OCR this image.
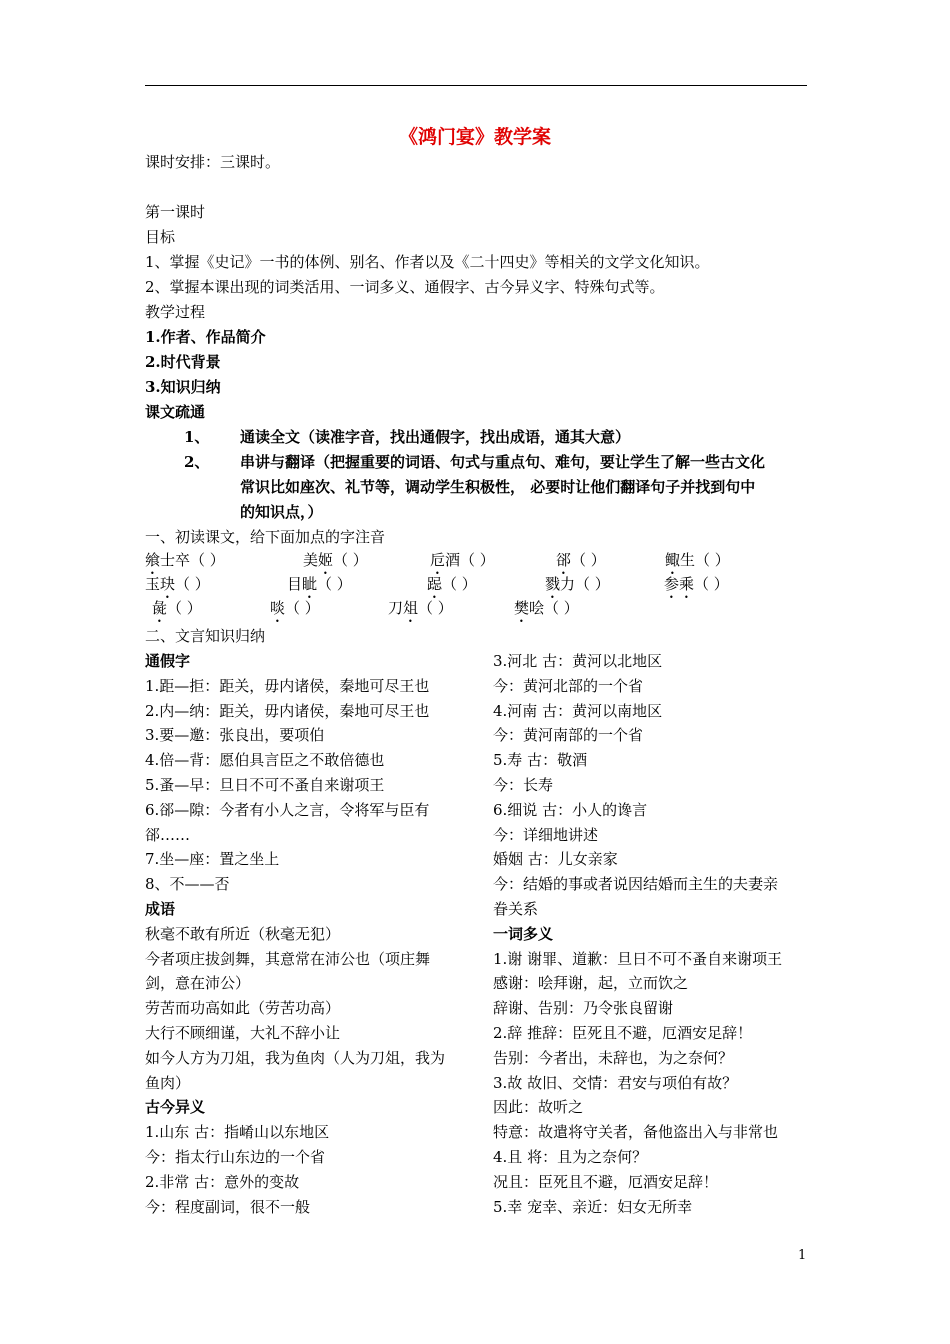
《鸿门宴》教学案
课时安排：三课时。
第一课时
目标
1、掌握《史记》一书的体例、别名、作者以及《二十四史》等相关的文学文化知识。
2、掌握本课出现的词类活用、一词多义、通假字、古今异义字、特殊句式等。
教学过程
1.作者、作品简介
2.时代背景
3.知识归纳
课文疏通
1、 通读全文（读准字音，找出通假字，找出成语，通其大意）
2、 串讲与翻译（把握重要的词语、句式与重点句、难句，要让学生了解一些古文化
常识比如座次、礼节等，调动学生积极性， 必要时让他们翻译句子并找到句中
的知识点，）
一、初读课文，给下面加点的字注音
飨士卒（ ）	美姬（ ）	卮酒（ ）	郤（ ）	鲰生（ ）
玉玦（ ）	目眦（ ）	跽（ ）	戮力（ ）	参乘（ ）
彘（ ）	啖（ ）	刀俎（ ）	樊哙（ ）
二、文言知识归纳
通假字
1.距—拒：距关，毋内诸侯，秦地可尽王也
2.内—纳：距关，毋内诸侯，秦地可尽王也
3.要—邀：张良出，要项伯
4.倍—背：愿伯具言臣之不敢倍德也
5.蚤—早：旦日不可不蚤自来谢项王
6.郤—隙：今者有小人之言，令将军与臣有
郤……
7.坐—座：置之坐上
8、不——否
成语
秋毫不敢有所近（秋毫无犯）
今者项庄拔剑舞，其意常在沛公也（项庄舞
剑，意在沛公）
劳苦而功高如此（劳苦功高）
大行不顾细谨，大礼不辞小让
如今人方为刀俎，我为鱼肉（人为刀俎，我为
鱼肉）
古今异义
1.山东 古：指崤山以东地区
今：指太行山东边的一个省
2.非常 古：意外的变故
今：程度副词，很不一般
3.河北 古：黄河以北地区
今：黄河北部的一个省
4.河南 古：黄河以南地区
今：黄河南部的一个省
5.寿 古：敬酒
今：长寿
6.细说 古：小人的谗言
今：详细地讲述
婚姻 古：儿女亲家
今：结婚的事或者说因结婚而主生的夫妻亲
眷关系
一词多义
1.谢 谢罪、道歉：旦日不可不蚤自来谢项王
感谢：哙拜谢，起，立而饮之
辞谢、告别：乃令张良留谢
2.辞 推辞：臣死且不避，厄酒安足辞！
告别：今者出，未辞也，为之奈何？
3.故 故旧、交情：君安与项伯有故？
因此：故听之
特意：故遣将守关者，备他盗出入与非常也
4.且 将：且为之奈何？
况且：臣死且不避，厄酒安足辞！
5.幸 宠幸、亲近：妇女无所幸
1
